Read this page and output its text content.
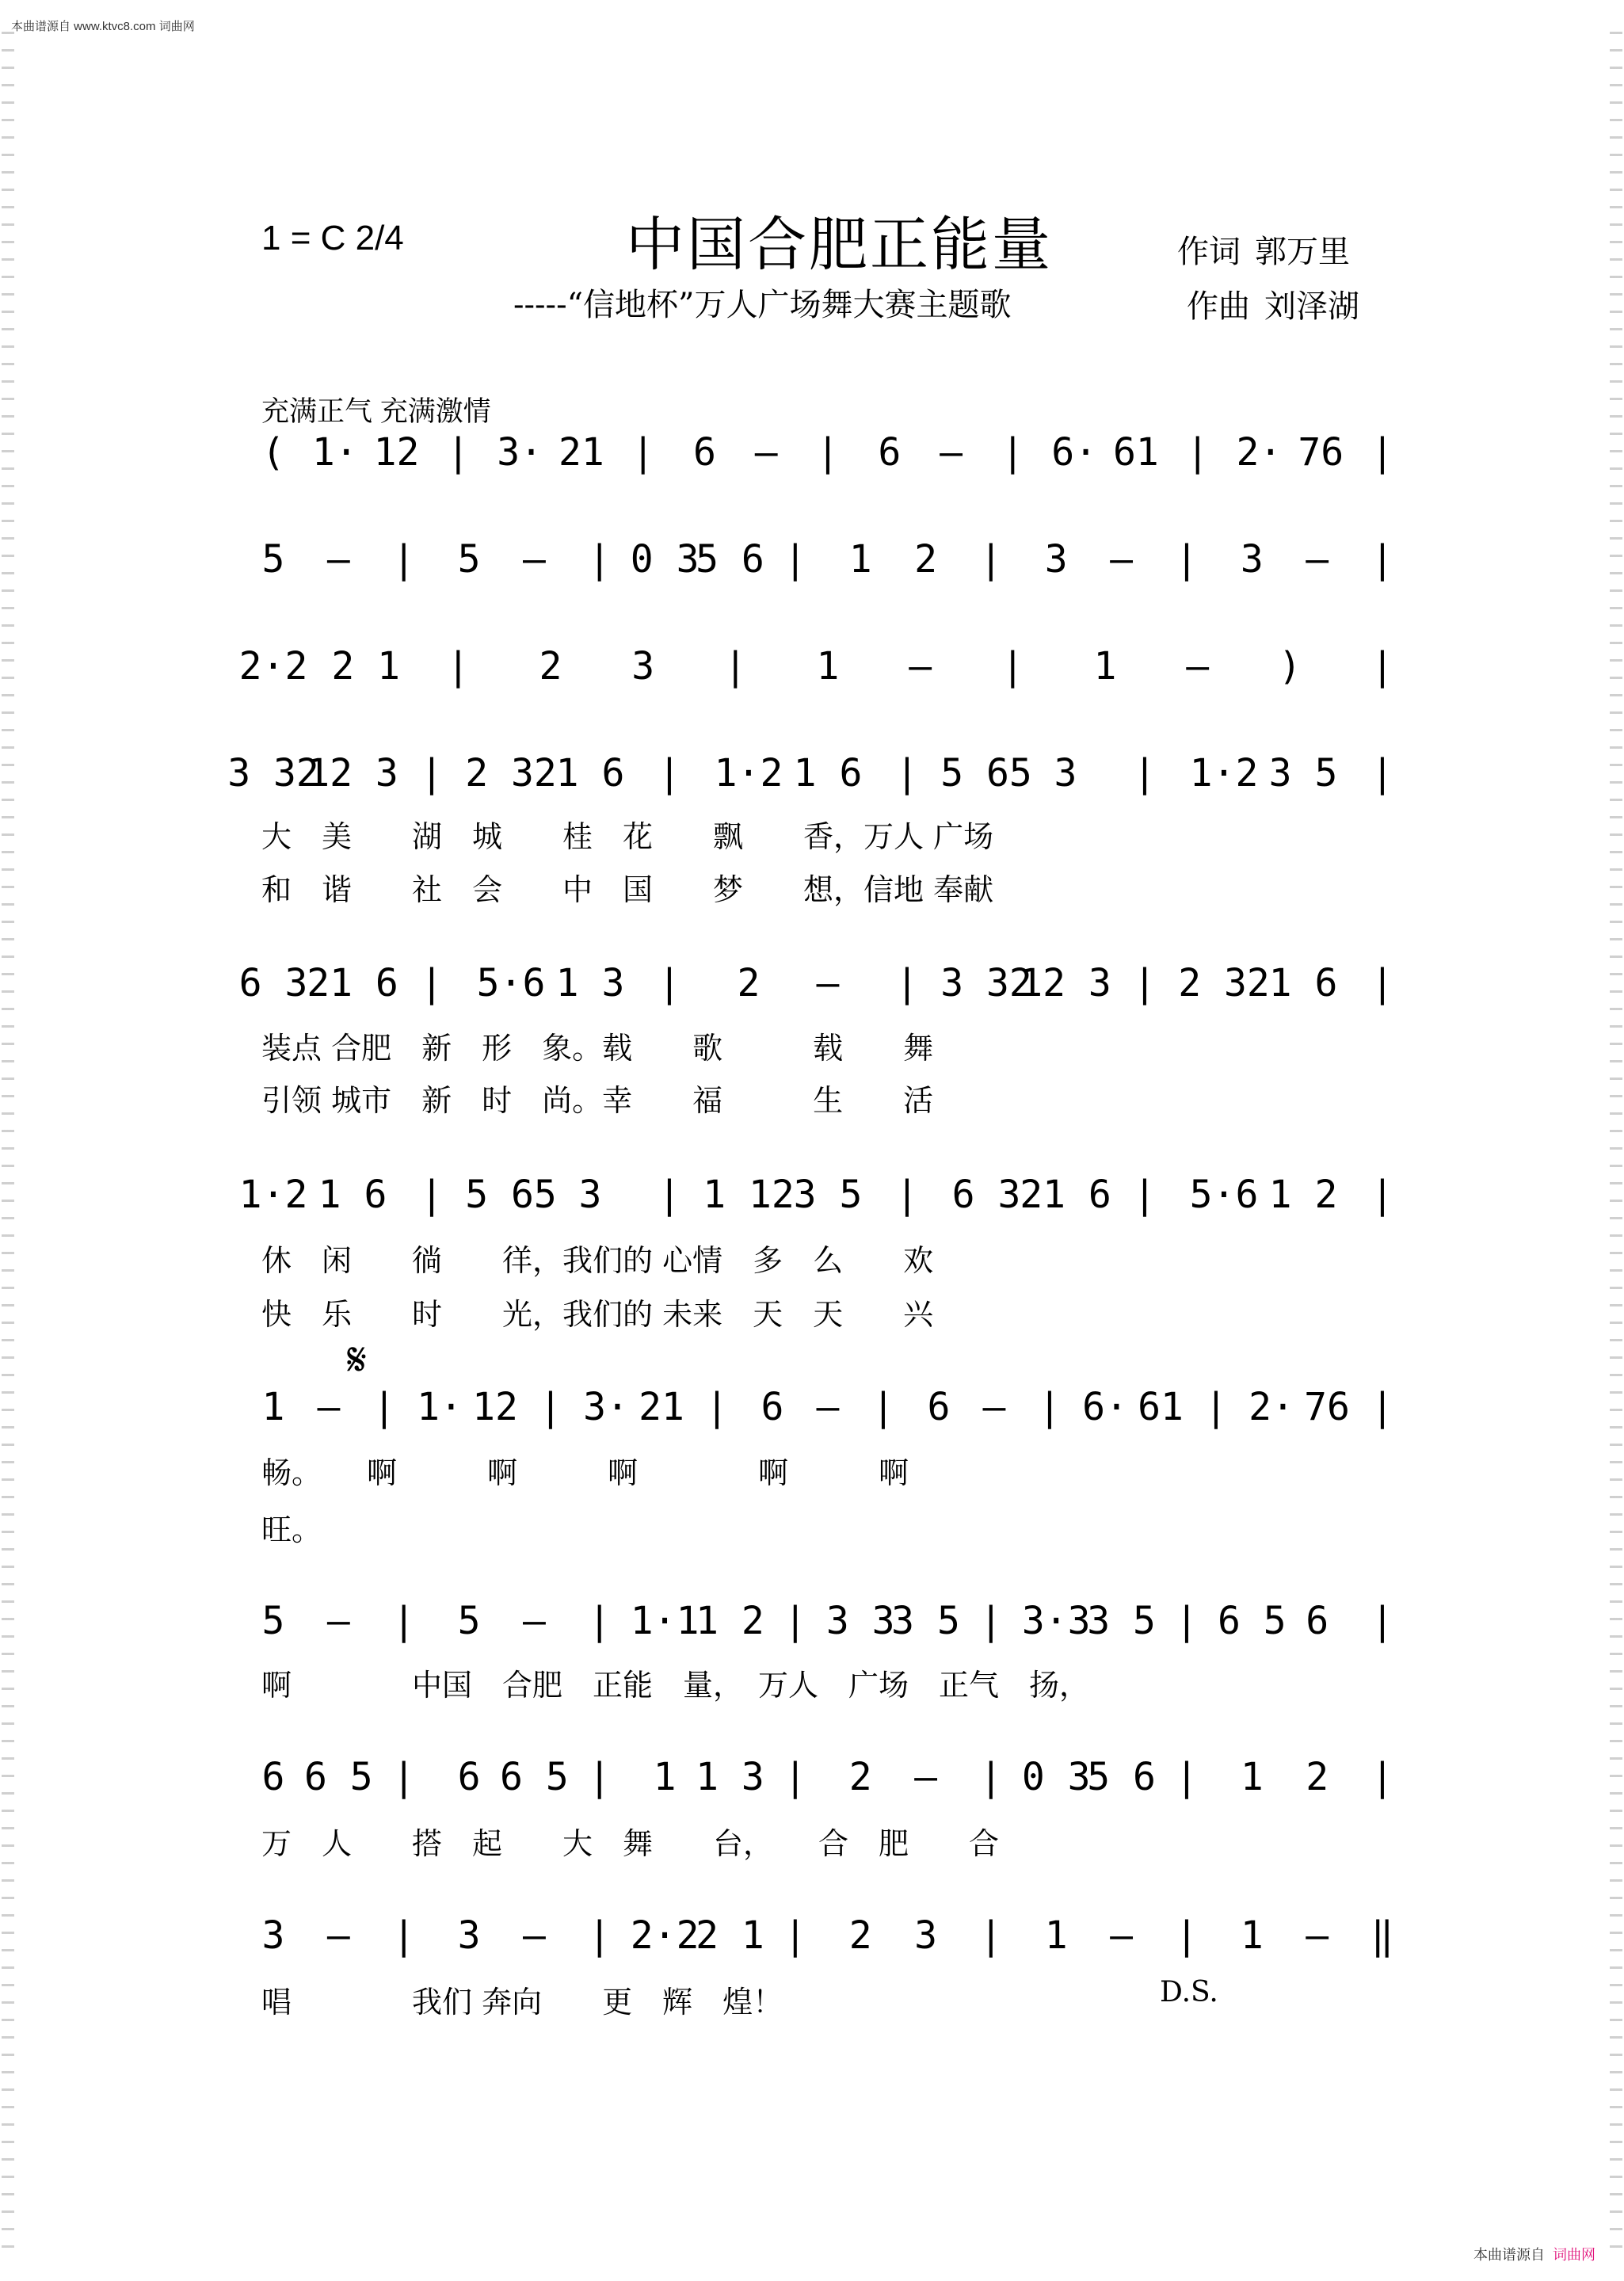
本曲谱源自 www.ktvc8.com 词曲网
1 = C 2/4	中国合肥正能量
-----“信地杯”万人广场舞大赛主题歌
作词 郭万里
作曲 刘泽湖
充满正气 充满激情
( 1· 12 | 3· 21 | 6 – | 6 – | 6· 61 | 2· 76 |
5 – | 5 – | 0 3
5 6 | 1 2 | 3 – | 3 – |
2·2 2 1 | 2 3 | 1 – | 1 – ) |
3 32
12 3 | 2 32
1 6 | 1·2 1 6 | 5 65 3 | 1·2 3 5 |
大　美　　湖　城　　桂　花　　飘　　香，万人 广场
和　谐　　社　会　　中　国　　梦　　想，信地 奉献
6 3
21 6 | 5·6 1 3 | 2 – | 3 32
12 3 | 2 32
1 6 |
装点 合肥　新　形　象。载　　歌　　　载　　舞
引领 城市　新　时　尚。幸　　福　　　生　　活
1·2 1 6 | 5 65 3 | 1 12
3 5 | 6 3
21 6 | 5·6 1 2 |
休　闲　　徜　　徉，我们的 心情　多　么　　欢
快　乐　　时　　光，我们的 未来　天　天　　兴
𝄋
1 – | 1· 12 | 3· 21 | 6 – | 6 – | 6· 61 | 2· 76 |
畅。　　啊　　　啊　　　啊　　　　啊　　　啊
旺。
5 – | 5 – | 1·1
1 2 | 3 3
3 5 | 3·3
3 5 | 6 5 6 |
啊　　　　中国　合肥　正能　量，　万人　广场　正气　扬，
6 6 5 | 6 6 5 | 1 1 3 | 2 – | 0 3
5 6 | 1 2 |
万　人　　搭　起　　大　舞　　台，　　合　肥　　合
3 – | 3 – | 2·2
2 1 | 2 3 | 1 – | 1 – ‖
唱　　　　我们 奔向　　更　辉　煌！	D.S.
本曲谱源自 词曲网
